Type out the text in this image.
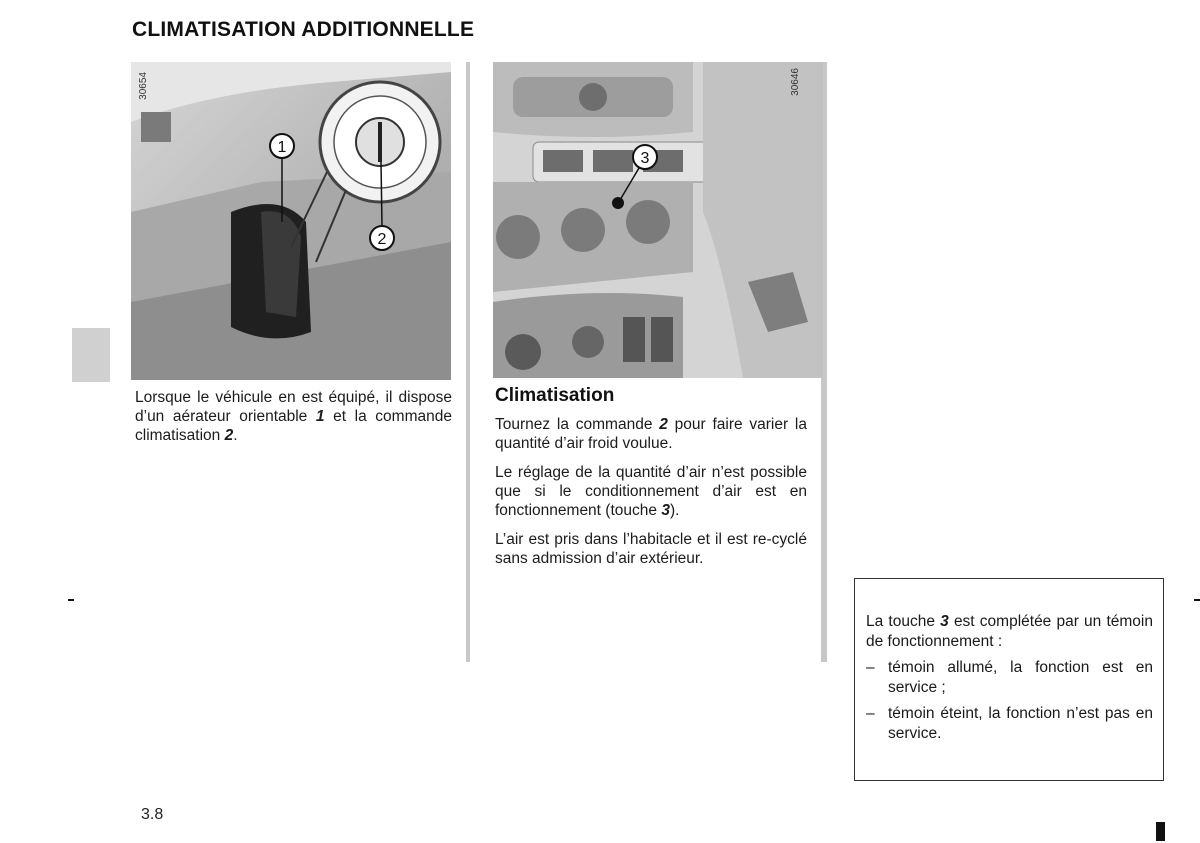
CLIMATISATION ADDITIONNELLE
1
2
30654
3
30646

Lorsque le véhicule en est équipé, il dispose d’un aérateur orientable 1 et la commande climatisation 2.

Climatisation

Tournez la commande 2 pour faire varier la quantité d’air froid voulue.

Le réglage de la quantité d’air n’est possible que si le conditionnement d’air est en fonctionnement (touche 3).

L’air est pris dans l’habitacle et il est re-cyclé sans admission d’air extérieur.

La touche 3 est complétée par un témoin de fonctionnement :

– témoin allumé, la fonction est en service ;
– témoin éteint, la fonction n’est pas en service.
3.8
